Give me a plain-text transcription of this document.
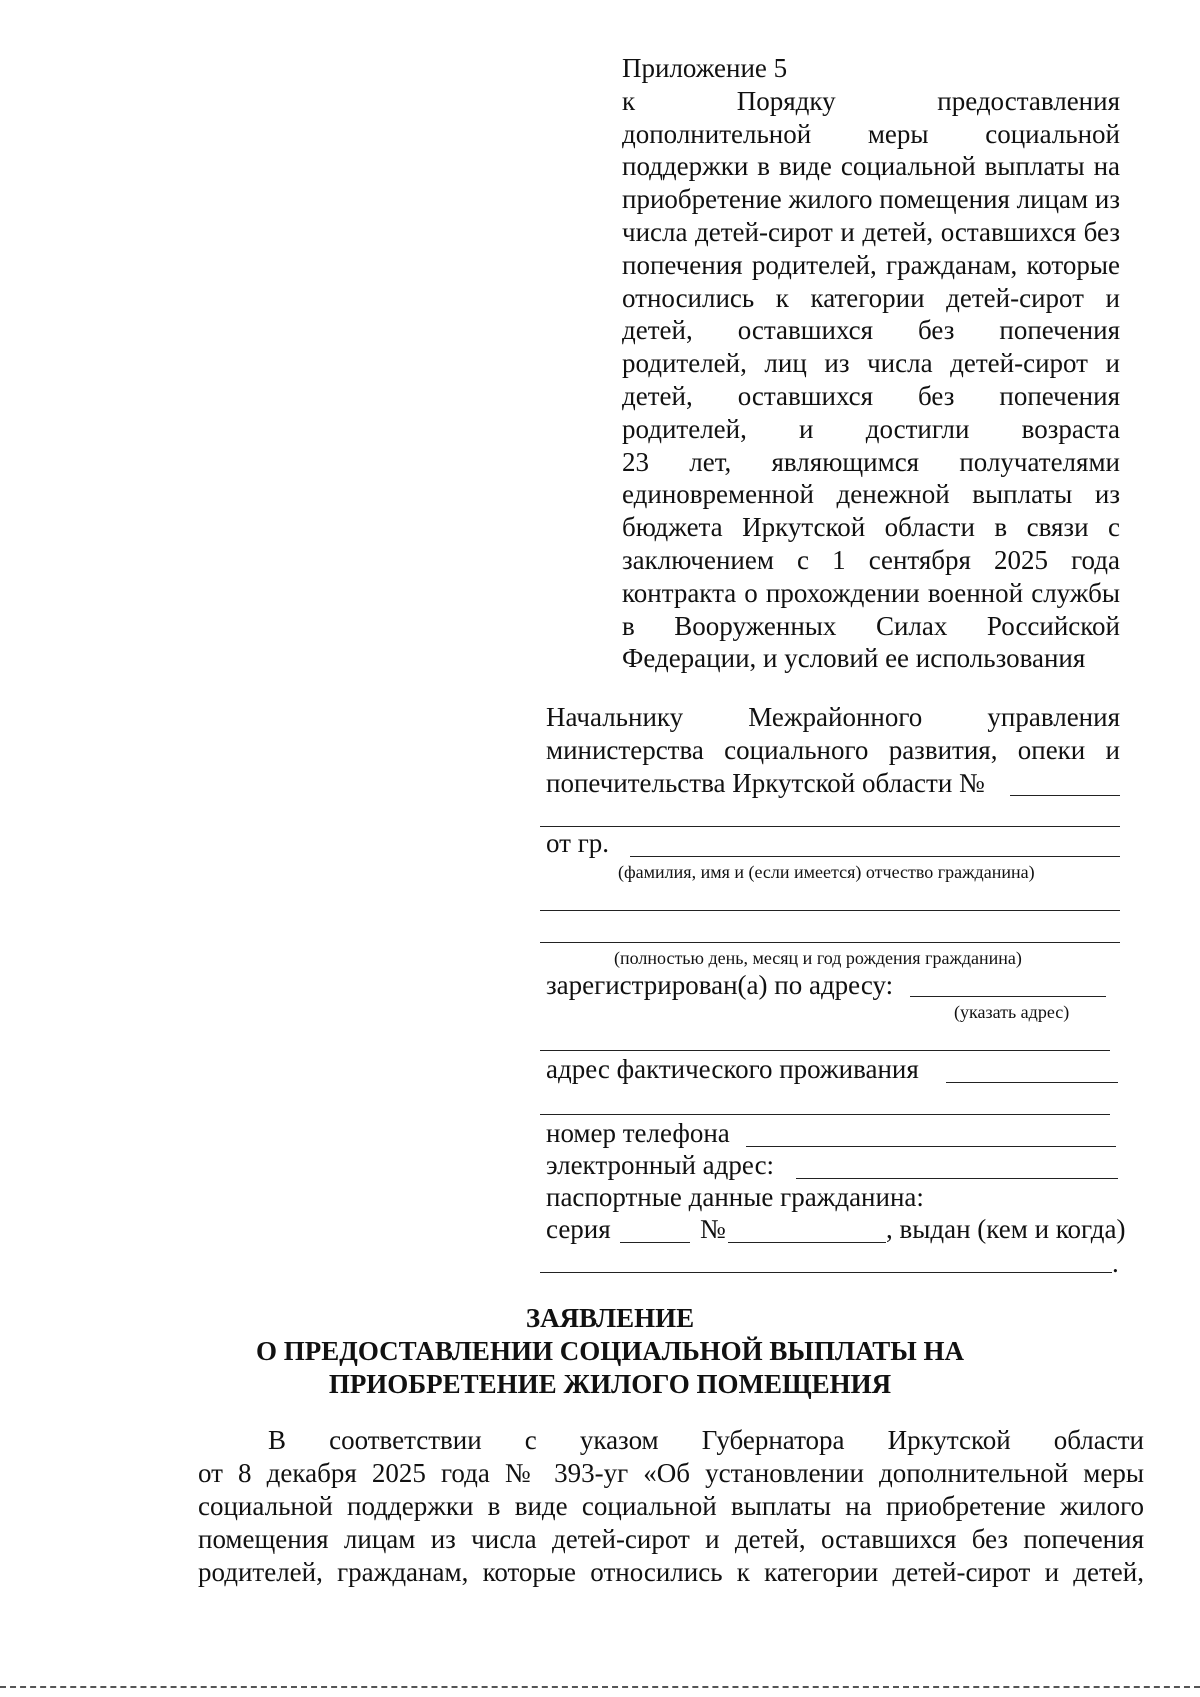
Приложение 5
к Порядку предоставления
дополнительной меры социальной
поддержки в виде социальной выплаты на
приобретение жилого помещения лицам из
числа детей-сирот и детей, оставшихся без
попечения родителей, гражданам, которые
относились к категории детей-сирот и
детей, оставшихся без попечения
родителей, лиц из числа детей-сирот и
детей, оставшихся без попечения
родителей, и достигли возраста
23 лет, являющимся получателями
единовременной денежной выплаты из
бюджета Иркутской области в связи с
заключением с 1 сентября 2025 года
контракта о прохождении военной службы
в Вооруженных Силах Российской
Федерации, и условий ее использования
Начальнику Межрайонного управления
министерства социального развития, опеки и
попечительства Иркутской области №
от гр.
(фамилия, имя и (если имеется) отчество гражданина)
(полностью день, месяц и год рождения гражданина)
зарегистрирован(а) по адресу:
(указать адрес)
адрес фактического проживания
номер телефона
электронный адрес:
паспортные данные гражданина:
серия	№	, выдан (кем и когда)
.
ЗАЯВЛЕНИЕ
О ПРЕДОСТАВЛЕНИИ СОЦИАЛЬНОЙ ВЫПЛАТЫ НА
ПРИОБРЕТЕНИЕ ЖИЛОГО ПОМЕЩЕНИЯ
В соответствии с указом Губернатора Иркутской области
от 8 декабря 2025 года № 393-уг «Об установлении дополнительной меры
социальной поддержки в виде социальной выплаты на приобретение жилого
помещения лицам из числа детей-сирот и детей, оставшихся без попечения
родителей, гражданам, которые относились к категории детей-сирот и детей,
